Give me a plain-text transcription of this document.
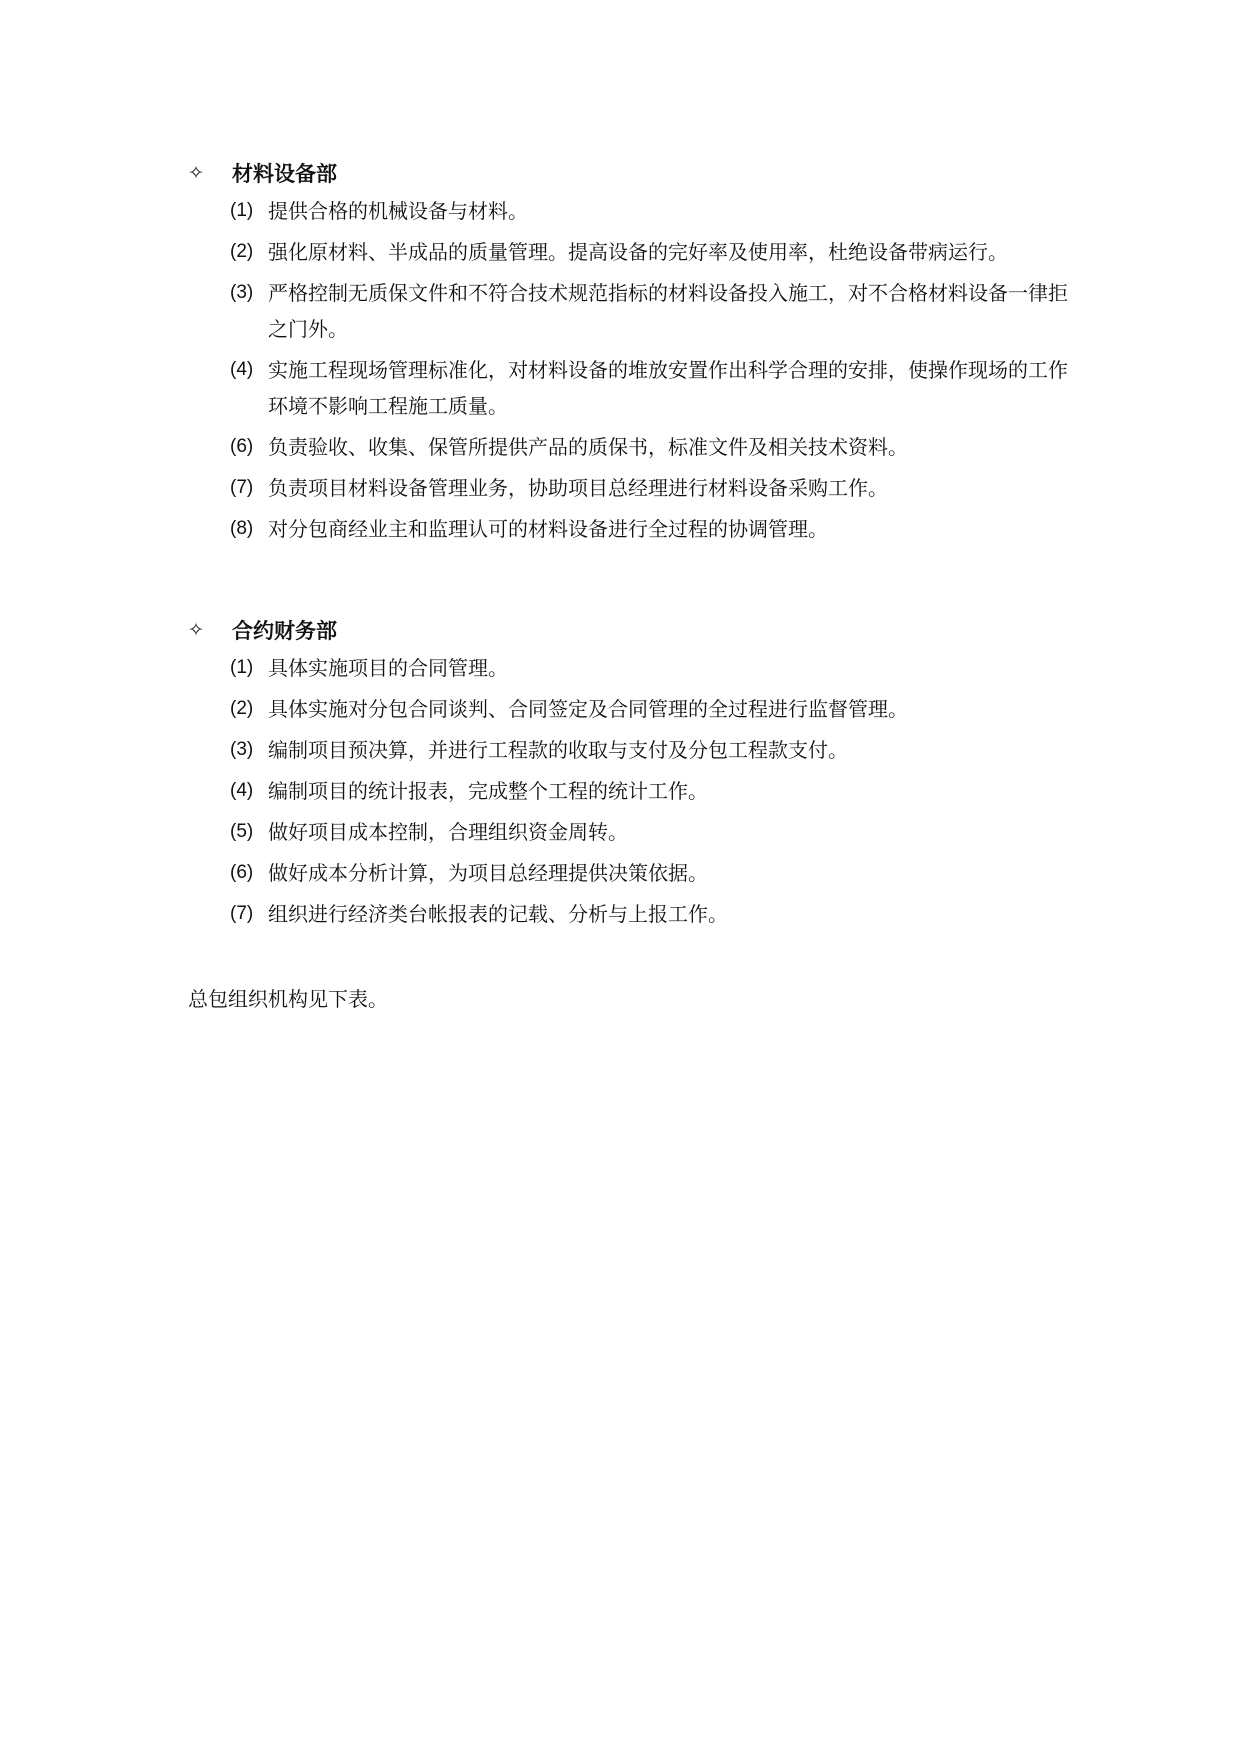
✧	材料设备部
(1) 提供合格的机械设备与材料。
(2) 强化原材料、半成品的质量管理。提高设备的完好率及使用率，杜绝设备带病运行。
(3) 严格控制无质保文件和不符合技术规范指标的材料设备投入施工，对不合格材料设备一律拒之门外。
(4) 实施工程现场管理标准化，对材料设备的堆放安置作出科学合理的安排，使操作现场的工作环境不影响工程施工质量。
(6) 负责验收、收集、保管所提供产品的质保书，标准文件及相关技术资料。
(7) 负责项目材料设备管理业务，协助项目总经理进行材料设备采购工作。
(8) 对分包商经业主和监理认可的材料设备进行全过程的协调管理。
✧	合约财务部
(1) 具体实施项目的合同管理。
(2) 具体实施对分包合同谈判、合同签定及合同管理的全过程进行监督管理。
(3) 编制项目预决算，并进行工程款的收取与支付及分包工程款支付。
(4) 编制项目的统计报表，完成整个工程的统计工作。
(5) 做好项目成本控制，合理组织资金周转。
(6) 做好成本分析计算，为项目总经理提供决策依据。
(7) 组织进行经济类台帐报表的记载、分析与上报工作。
总包组织机构见下表。
